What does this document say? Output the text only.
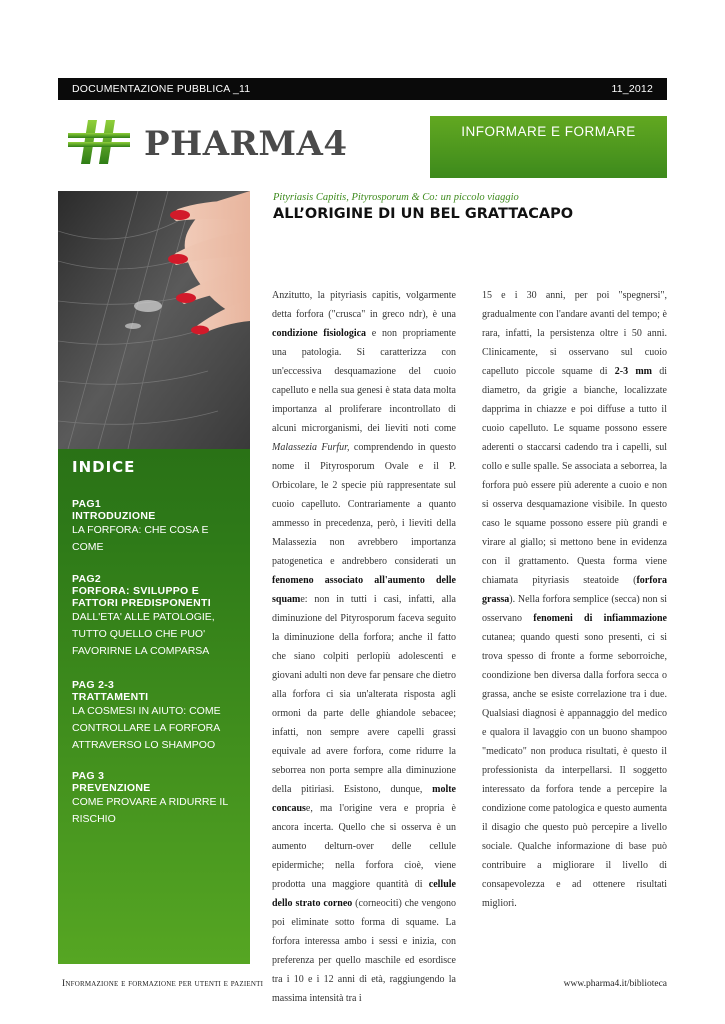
DOCUMENTAZIONE PUBBLICA _11	11_2012
PHARMA4	INFORMARE E FORMARE
INDICE
PAG1
INTRODUZIONE
LA FORFORA: CHE COSA E COME
PAG2
FORFORA: SVILUPPO E FATTORI PREDISPONENTI
DALL'ETA' ALLE PATOLOGIE, TUTTO QUELLO CHE PUO' FAVORIRNE LA COMPARSA
PAG 2-3
TRATTAMENTI
LA COSMESI IN AIUTO: COME CONTROLLARE LA FORFORA ATTRAVERSO LO SHAMPOO
PAG 3
PREVENZIONE
COME PROVARE A RIDURRE IL RISCHIO
Pityriasis Capitis, Pityrosporum & Co: un piccolo viaggio
ALL’ORIGINE DI UN BEL GRATTACAPO

Anzitutto, la pityriasis capitis, volgarmente detta forfora ("crusca" in greco ndr), è una condizione fisiologica e non propriamente una patologia. Si caratterizza con un'eccessiva desquamazione del cuoio capelluto e nella sua genesi è stata data molta importanza al proliferare incontrollato di alcuni microrganismi, dei lieviti noti come Malassezia Furfur, comprendendo in questo nome il Pityrosporum Ovale e il P. Orbicolare, le 2 specie più rappresentate sul cuoio capelluto. Contrariamente a quanto ammesso in precedenza, però, i lieviti della Malassezia non avrebbero importanza patogenetica e andrebbero considerati un fenomeno associato all'aumento delle squame: non in tutti i casi, infatti, alla diminuzione del Pityrosporum faceva seguito la diminuzione della forfora; anche il fatto che siano colpiti perlopiù adolescenti e giovani adulti non deve far pensare che dietro alla forfora ci sia un'alterata risposta agli ormoni da parte delle ghiandole sebacee; infatti, non sempre avere capelli grassi equivale ad avere forfora, come ridurre la seborrea non porta sempre alla diminuzione della pitiriasi. Esistono, dunque, molte concause, ma l'origine vera e propria è ancora incerta. Quello che si osserva è un aumento delturn-over delle cellule epidermiche; nella forfora cioè, viene prodotta una maggiore quantità di cellule dello strato corneo (corneociti) che vengono poi eliminate sotto forma di squame. La forfora interessa ambo i sessi e inizia, con preferenza per quello maschile ed esordisce tra i 10 e i 12 anni di età, raggiungendo la massima intensità tra i

15 e i 30 anni, per poi "spegnersi", gradualmente con l'andare avanti del tempo; è rara, infatti, la persistenza oltre i 50 anni. Clinicamente, si osservano sul cuoio capelluto piccole squame di 2-3 mm di diametro, da grigie a bianche, localizzate dapprima in chiazze e poi diffuse a tutto il cuoio capelluto. Le squame possono essere aderenti o staccarsi cadendo tra i capelli, sul collo e sulle spalle. Se associata a seborrea, la forfora può essere più aderente a cuoio e non si osserva desquamazione visibile. In questo caso le squame possono essere più grandi e virare al giallo; si mettono bene in evidenza con il grattamento. Questa forma viene chiamata pityriasis steatoide (forfora grassa). Nella forfora semplice (secca) non si osservano fenomeni di infiammazione cutanea; quando questi sono presenti, ci si trova spesso di fronte a forme seborroiche, coondizione ben diversa dalla forfora secca o grassa, anche se esiste correlazione tra i due. Qualsiasi diagnosi è appannaggio del medico e qualora il lavaggio con un buono shampoo "medicato" non produca risultati, è questo il professionista da interpellarsi. Il soggetto interessato da forfora tende a percepire la condizione come patologica e questo aumenta il disagio che questo può percepire a livello sociale. Qualche informazione di base può contribuire a migliorare il livello di consapevolezza e ad ottenere risultati migliori.

Informazione e formazione per utenti e pazienti	www.pharma4.it/biblioteca
